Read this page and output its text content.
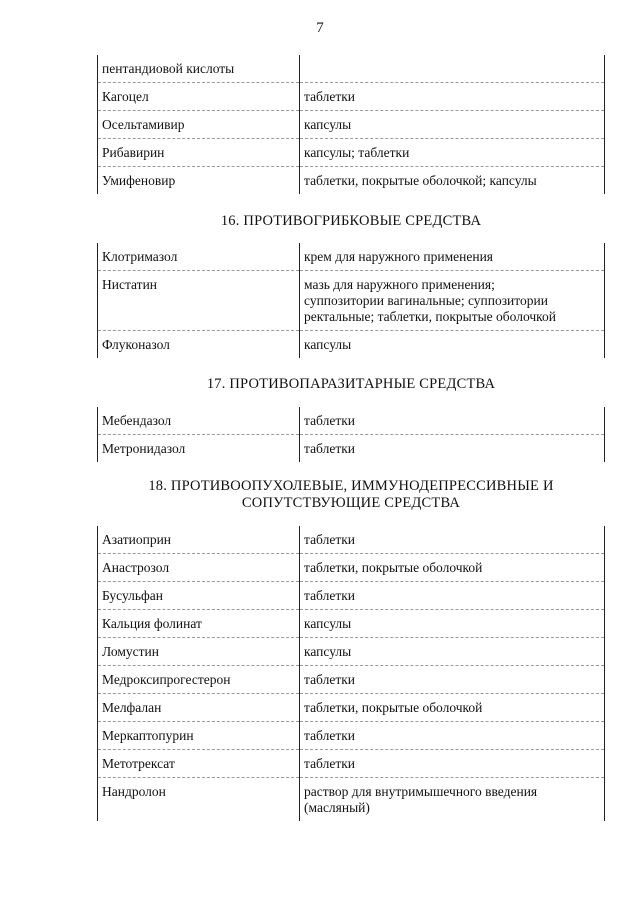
7
пентандиовой кислоты	
Кагоцел	таблетки
Осельтамивир	капсулы
Рибавирин	капсулы; таблетки
Умифеновир	таблетки, покрытые оболочкой; капсулы
16. ПРОТИВОГРИБКОВЫЕ СРЕДСТВА
Клотримазол	крем для наружного применения
Нистатин	мазь для наружного применения;
суппозитории вагинальные; суппозитории
ректальные; таблетки, покрытые оболочкой

Флуконазол	капсулы
17. ПРОТИВОПАРАЗИТАРНЫЕ СРЕДСТВА
Мебендазол	таблетки
Метронидазол	таблетки
18. ПРОТИВООПУХОЛЕВЫЕ, ИММУНОДЕПРЕССИВНЫЕ И
СОПУТСТВУЮЩИЕ СРЕДСТВА
Азатиоприн	таблетки
Анастрозол	таблетки, покрытые оболочкой
Бусульфан	таблетки
Кальция фолинат	капсулы
Ломустин	капсулы
Медроксипрогестерон	таблетки
Мелфалан	таблетки, покрытые оболочкой
Меркаптопурин	таблетки
Метотрексат	таблетки
Нандролон	раствор для внутримышечного введения
(масляный)
